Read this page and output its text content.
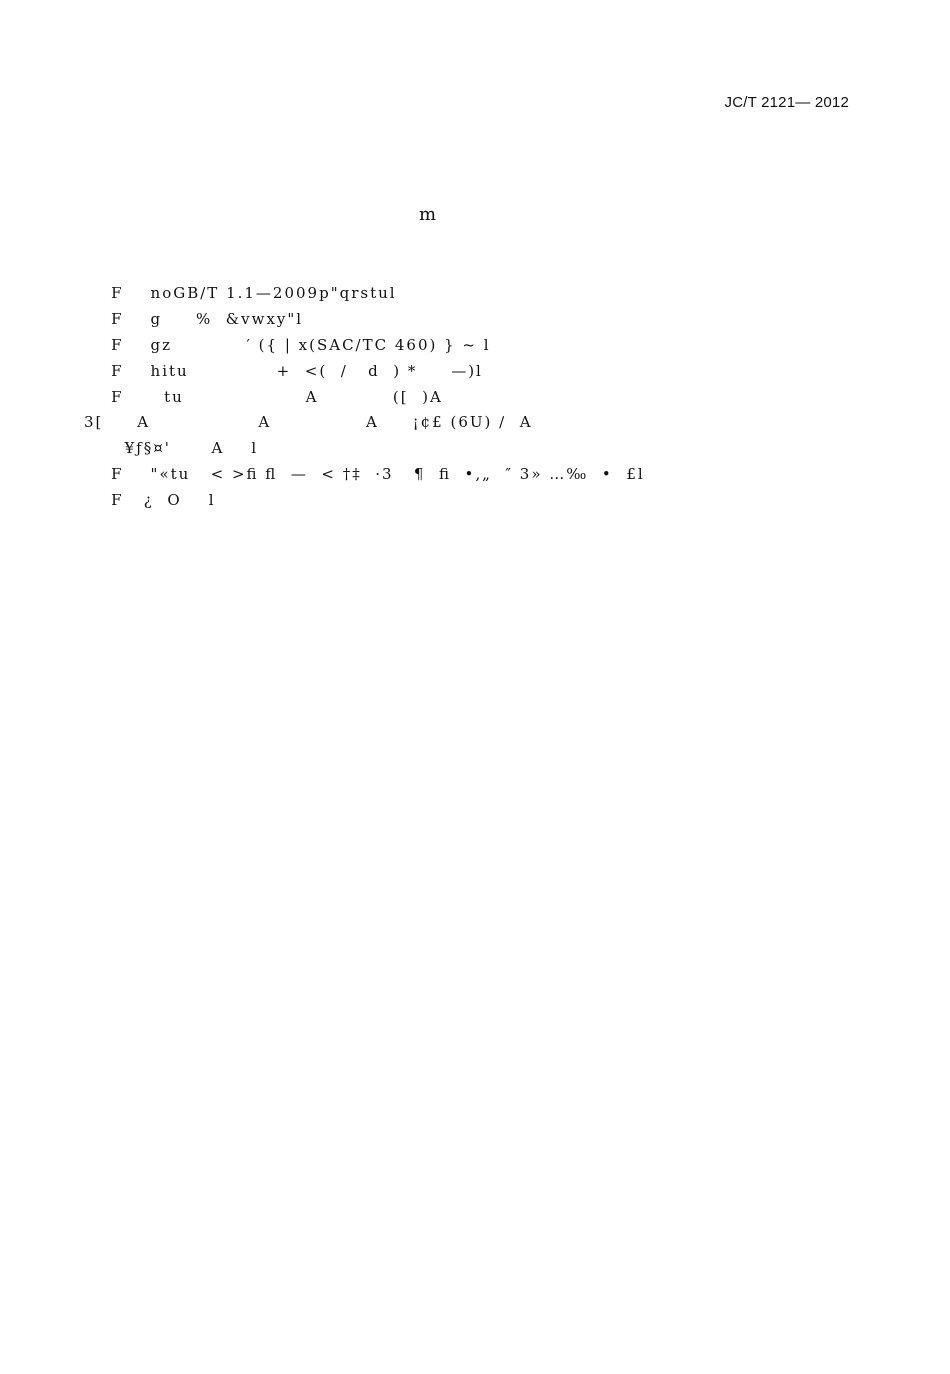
JC/T 2121— 2012
m
F    noGB/T 1.1—2009p"qrstul
F    g     %  &vwxy"l
F    gz           ′ ({ | x(SAC/TC 460) } ~ l
F    hitu             +  <(  /   d  ) *     —)l
F      tu                  A           ([  )A
3[     A                A              A     ¡¢£ (6U) ∕  A
¥ƒ§¤'      A    l
F    "«tu   < >ﬁ ﬂ  —  < †‡  ·3   ¶  ﬁ  •‚„  ″ 3» …‰  •  £l
F   ¿  O    l
